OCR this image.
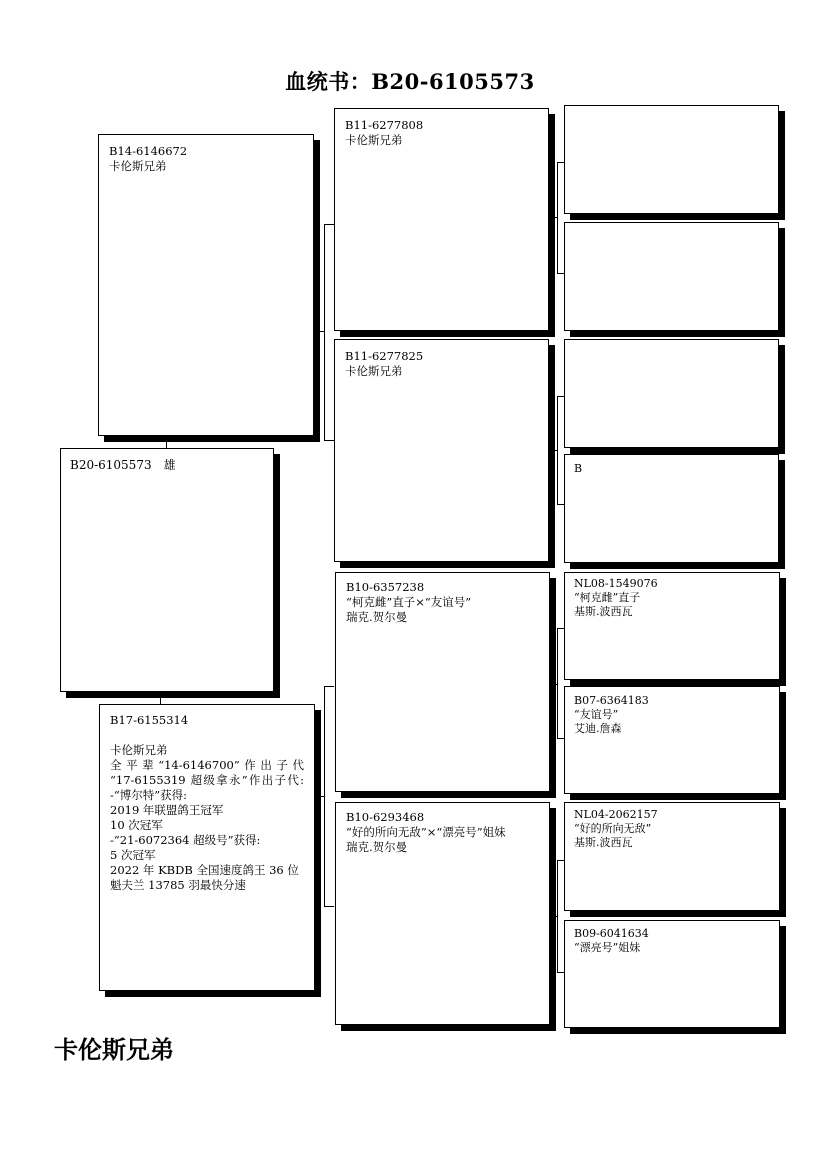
血统书：B20-6105573
B14-6146672
卡伦斯兄弟
B20-6105573　雄
B17-6155314
卡伦斯兄弟
全平辈“14-6146700”作出子代
“17-6155319 超级拿永”作出子代:
-“博尔特”获得:
2019 年联盟鸽王冠军
10 次冠军
-“21-6072364 超级号”获得:
5 次冠军
2022 年 KBDB 全国速度鸽王 36 位
魁夫兰 13785 羽最快分速
B11-6277808
卡伦斯兄弟
B11-6277825
卡伦斯兄弟
B10-6357238
“柯克雌”直子×“友谊号”
瑞克.贺尔曼
B10-6293468
“好的所向无敌”×“漂亮号”姐妹
瑞克.贺尔曼
B
NL08-1549076
“柯克雌”直子
基斯.波西瓦
B07-6364183
“友谊号”
艾迪.詹森
NL04-2062157
“好的所向无敌”
基斯.波西瓦
B09-6041634
“漂亮号”姐妹
卡伦斯兄弟
